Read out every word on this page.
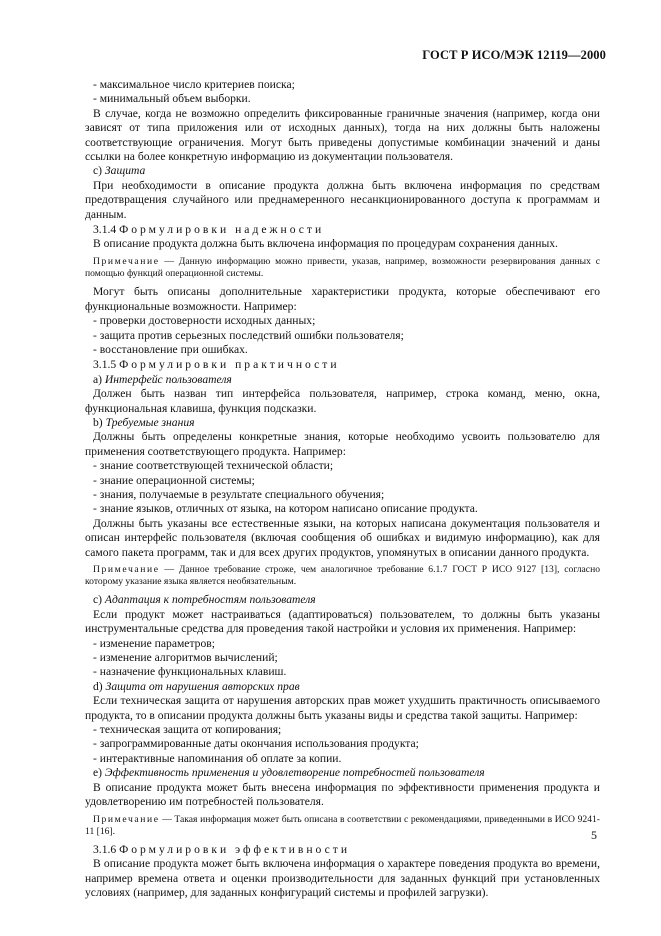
ГОСТ Р ИСО/МЭК 12119—2000

- максимальное число критериев поиска;

- минимальный объем выборки.

В случае, когда не возможно определить фиксированные граничные значения (например, когда они зависят от типа приложения или от исходных данных), тогда на них должны быть наложены соответствующие ограничения. Могут быть приведены допустимые комбинации значений и даны ссылки на более конкретную информацию из документации пользователя.

c) Защита

При необходимости в описание продукта должна быть включена информация по средствам предотвращения случайного или преднамеренного несанкционированного доступа к программам и данным.

3.1.4 Формулировки надежности

В описание продукта должна быть включена информация по процедурам сохранения данных.

Примечание — Данную информацию можно привести, указав, например, возможности резервирования данных с помощью функций операционной системы.

Могут быть описаны дополнительные характеристики продукта, которые обеспечивают его функциональные возможности. Например:

- проверки достоверности исходных данных;

- защита против серьезных последствий ошибки пользователя;

- восстановление при ошибках.

3.1.5 Формулировки практичности

a) Интерфейс пользователя

Должен быть назван тип интерфейса пользователя, например, строка команд, меню, окна, функциональная клавиша, функция подсказки.

b) Требуемые знания

Должны быть определены конкретные знания, которые необходимо усвоить пользователю для применения соответствующего продукта. Например:

- знание соответствующей технической области;

- знание операционной системы;

- знания, получаемые в результате специального обучения;

- знание языков, отличных от языка, на котором написано описание продукта.

Должны быть указаны все естественные языки, на которых написана документация пользователя и описан интерфейс пользователя (включая сообщения об ошибках и видимую информацию), как для самого пакета программ, так и для всех других продуктов, упомянутых в описании данного продукта.

Примечание — Данное требование строже, чем аналогичное требование 6.1.7 ГОСТ Р ИСО 9127 [13], согласно которому указание языка является необязательным.

c) Адаптация к потребностям пользователя

Если продукт может настраиваться (адаптироваться) пользователем, то должны быть указаны инструментальные средства для проведения такой настройки и условия их применения. Например:

- изменение параметров;

- изменение алгоритмов вычислений;

- назначение функциональных клавиш.

d) Защита от нарушения авторских прав

Если техническая защита от нарушения авторских прав может ухудшить практичность описываемого продукта, то в описании продукта должны быть указаны виды и средства такой защиты. Например:

- техническая защита от копирования;

- запрограммированные даты окончания использования продукта;

- интерактивные напоминания об оплате за копии.

e) Эффективность применения и удовлетворение потребностей пользователя

В описание продукта может быть внесена информация по эффективности применения продукта и удовлетворению им потребностей пользователя.

Примечание — Такая информация может быть описана в соответствии с рекомендациями, приведенными в ИСО 9241-11 [16].

3.1.6 Формулировки эффективности

В описание продукта может быть включена информация о характере поведения продукта во времени, например времена ответа и оценки производительности для заданных функций при установленных условиях (например, для заданных конфигураций системы и профилей загрузки).

5
